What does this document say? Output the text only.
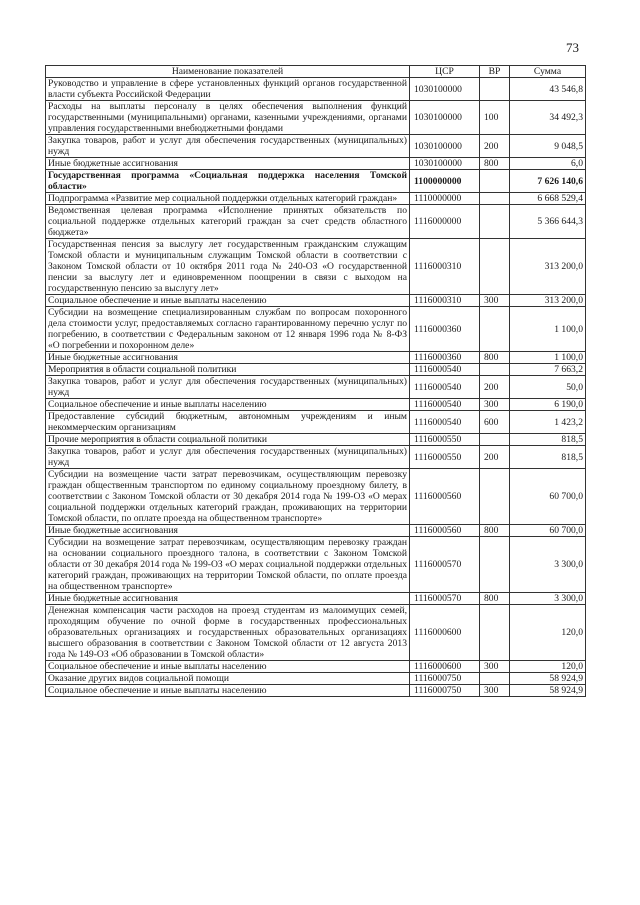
73
Наименование показателей	ЦСР	ВР	Сумма
Руководство и управление в сфере установленных функций органов государственной власти субъекта Российской Федерации	1030100000		43 546,8
Расходы на выплаты персоналу в целях обеспечения выполнения функций государственными (муниципальными) органами, казенными учреждениями, органами управления государственными внебюджетными фондами	1030100000	100	34 492,3
Закупка товаров, работ и услуг для обеспечения государственных (муниципальных) нужд	1030100000	200	9 048,5
Иные бюджетные ассигнования	1030100000	800	6,0
Государственная программа «Социальная поддержка населения Томской области»	1100000000		7 626 140,6
Подпрограмма «Развитие мер социальной поддержки отдельных категорий граждан»	1110000000		6 668 529,4
Ведомственная целевая программа «Исполнение принятых обязательств по социальной поддержке отдельных категорий граждан за счет средств областного бюджета»	1116000000		5 366 644,3
Государственная пенсия за выслугу лет государственным гражданским служащим Томской области и муниципальным служащим Томской области в соответствии с Законом Томской области от 10 октября 2011 года № 240-ОЗ «О государственной пенсии за выслугу лет и единовременном поощрении в связи с выходом на государственную пенсию за выслугу лет»	1116000310		313 200,0
Социальное обеспечение и иные выплаты населению	1116000310	300	313 200,0
Субсидии на возмещение специализированным службам по вопросам похоронного дела стоимости услуг, предоставляемых согласно гарантированному перечню услуг по погребению, в соответствии с Федеральным законом от 12 января 1996 года № 8-ФЗ «О погребении и похоронном деле»	1116000360		1 100,0
Иные бюджетные ассигнования	1116000360	800	1 100,0
Мероприятия в области социальной политики	1116000540		7 663,2
Закупка товаров, работ и услуг для обеспечения государственных (муниципальных) нужд	1116000540	200	50,0
Социальное обеспечение и иные выплаты населению	1116000540	300	6 190,0
Предоставление субсидий бюджетным, автономным учреждениям и иным некоммерческим организациям	1116000540	600	1 423,2
Прочие мероприятия в области социальной политики	1116000550		818,5
Закупка товаров, работ и услуг для обеспечения государственных (муниципальных) нужд	1116000550	200	818,5
Субсидии на возмещение части затрат перевозчикам, осуществляющим перевозку граждан общественным транспортом по единому социальному проездному билету, в соответствии с Законом Томской области от 30 декабря 2014 года № 199-ОЗ «О мерах социальной поддержки отдельных категорий граждан, проживающих на территории Томской области, по оплате проезда на общественном транспорте»	1116000560		60 700,0
Иные бюджетные ассигнования	1116000560	800	60 700,0
Субсидии на возмещение затрат перевозчикам, осуществляющим перевозку граждан на основании социального проездного талона, в соответствии с Законом Томской области от 30 декабря 2014 года № 199-ОЗ «О мерах социальной поддержки отдельных категорий граждан, проживающих на территории Томской области, по оплате проезда на общественном транспорте»	1116000570		3 300,0
Иные бюджетные ассигнования	1116000570	800	3 300,0
Денежная компенсация части расходов на проезд студентам из малоимущих семей, проходящим обучение по очной форме в государственных профессиональных образовательных организациях и государственных образовательных организациях высшего образования в соответствии с Законом Томской области от 12 августа 2013 года № 149-ОЗ «Об образовании в Томской области»	1116000600		120,0
Социальное обеспечение и иные выплаты населению	1116000600	300	120,0
Оказание других видов социальной помощи	1116000750		58 924,9
Социальное обеспечение и иные выплаты населению	1116000750	300	58 924,9
